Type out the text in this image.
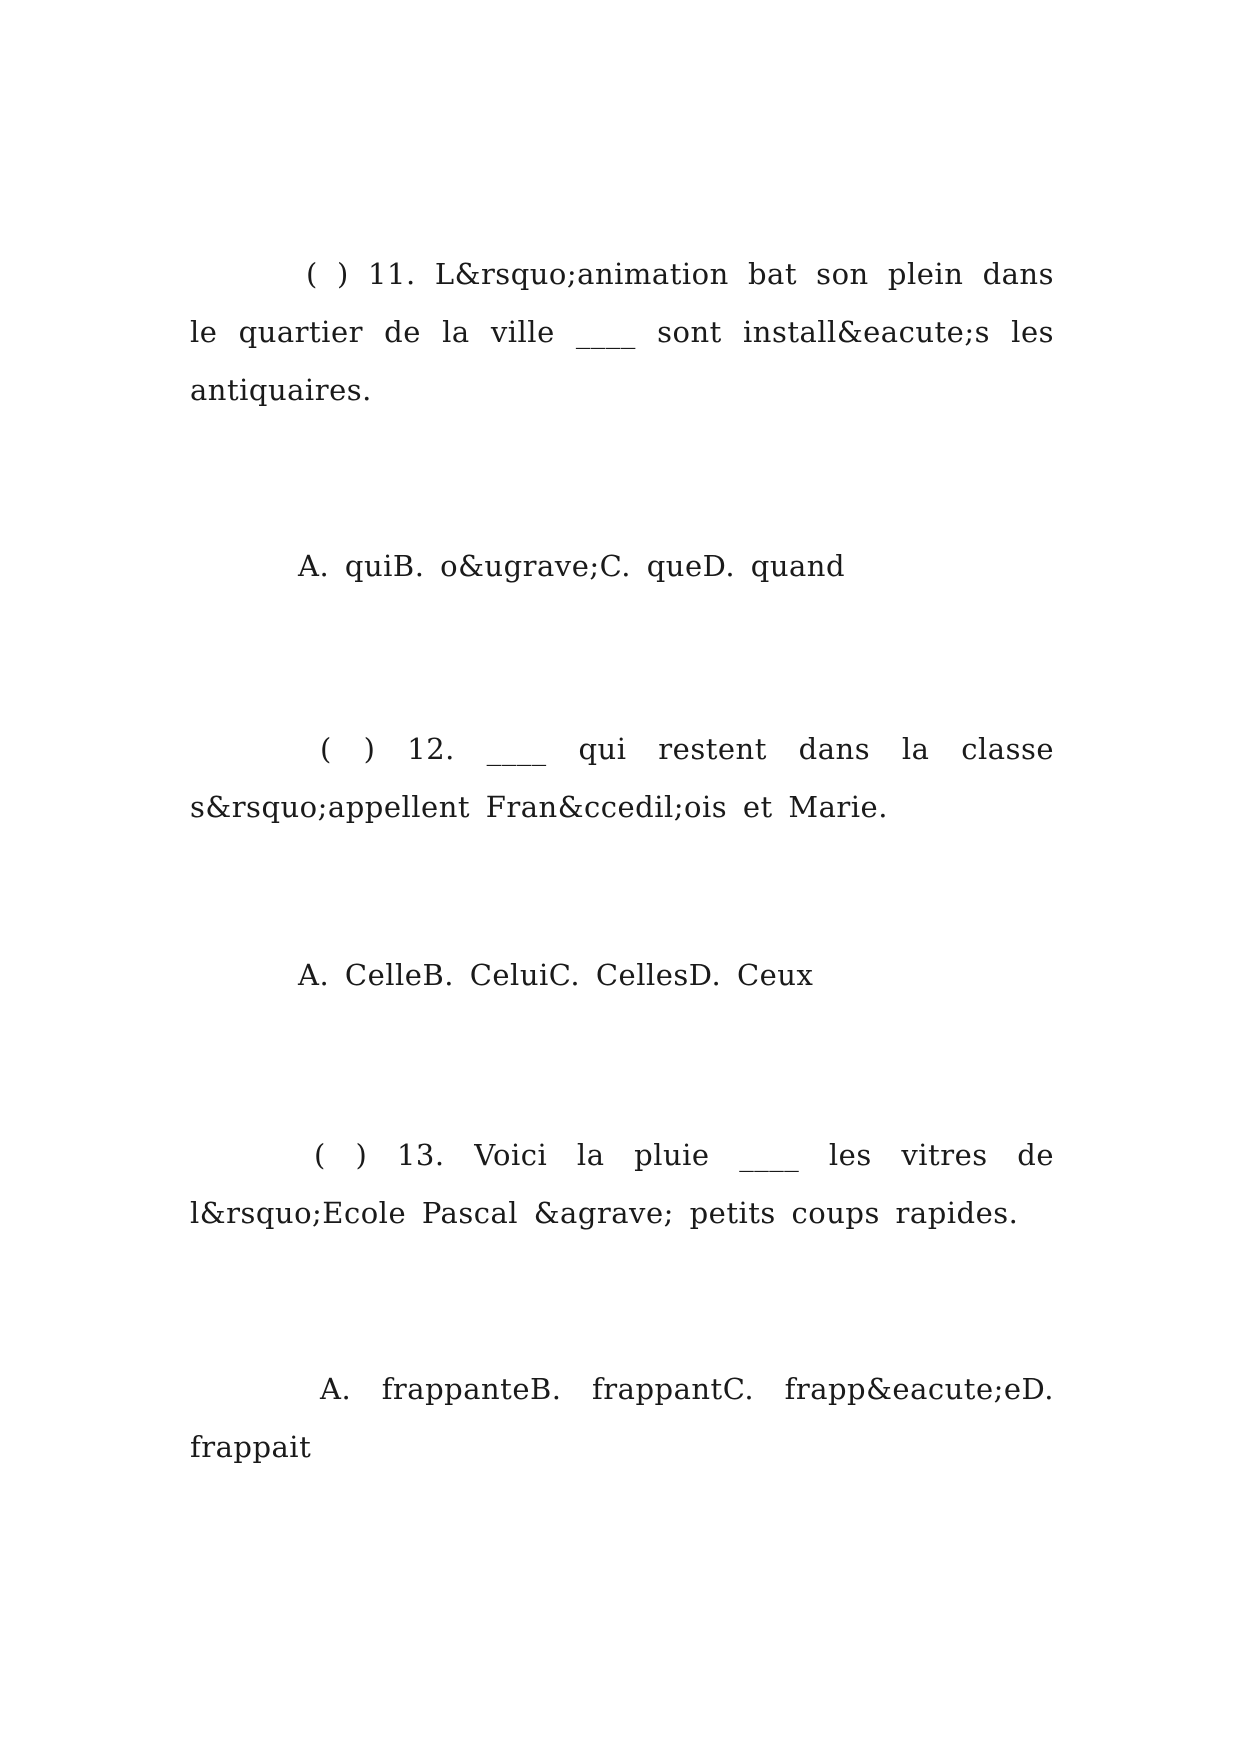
( ) 11. L&rsquo;animation bat son plein dans le quartier de la ville ____ sont install&eacute;s les antiquaires.

A. quiB. o&ugrave;C. queD. quand

( ) 12. ____ qui restent dans la classe s&rsquo;appellent Fran&ccedil;ois et Marie.

A. CelleB. CeluiC. CellesD. Ceux

( ) 13. Voici la pluie ____ les vitres de l&rsquo;Ecole Pascal &agrave; petits coups rapides.

A. frappanteB. frappantC. frapp&eacute;eD. frappait
